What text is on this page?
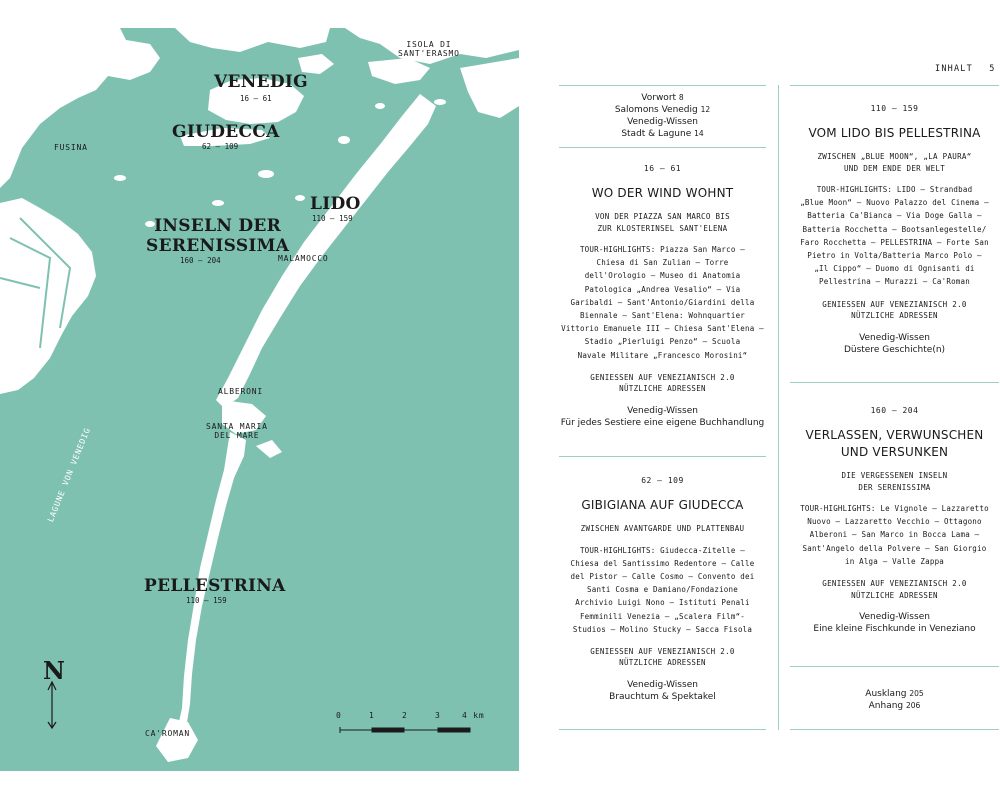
ISOLA DI
SANT'ERASMO
VENEDIG
16 – 61
GIUDECCA
62 – 109
FUSINA
LIDO
110 – 159
INSELN DER
SERENISSIMA
160 – 204	MALAMOCCO
ALBERONI
SANTA MARIA
DEL MARE
LAGUNE VON VENEDIG
PELLESTRINA
110 – 159
CA'ROMAN
N
0	1	2	3	4 km
INHALT 5
Vorwort 8
Salomons Venedig 12
Venedig-Wissen
Stadt & Lagune 14
16 – 61
WO DER WIND WOHNT
VON DER PIAZZA SAN MARCO BIS
ZUR KLOSTERINSEL SANT'ELENA
TOUR-HIGHLIGHTS: Piazza San Marco –
Chiesa di San Zulian – Torre
dell'Orologio – Museo di Anatomia
Patologica „Andrea Vesalio“ – Via
Garibaldi – Sant'Antonio/Giardini della
Biennale – Sant'Elena: Wohnquartier
Vittorio Emanuele III – Chiesa Sant'Elena –
Stadio „Pierluigi Penzo“ – Scuola
Navale Militare „Francesco Morosini“
GENIESSEN AUF VENEZIANISCH 2.0
NÜTZLICHE ADRESSEN
Venedig-Wissen
Für jedes Sestiere eine eigene Buchhandlung
62 – 109
GIBIGIANA AUF GIUDECCA
ZWISCHEN AVANTGARDE UND PLATTENBAU
TOUR-HIGHLIGHTS: Giudecca-Zitelle –
Chiesa del Santissimo Redentore – Calle
del Pistor – Calle Cosmo – Convento dei
Santi Cosma e Damiano/Fondazione
Archivio Luigi Nono – Istituti Penali
Femminili Venezia – „Scalera Film“-
Studios – Molino Stucky – Sacca Fisola
GENIESSEN AUF VENEZIANISCH 2.0
NÜTZLICHE ADRESSEN
Venedig-Wissen
Brauchtum & Spektakel
110 – 159
VOM LIDO BIS PELLESTRINA
ZWISCHEN „BLUE MOON“, „LA PAURA“
UND DEM ENDE DER WELT
TOUR-HIGHLIGHTS: LIDO – Strandbad
„Blue Moon“ – Nuovo Palazzo del Cinema –
Batteria Ca'Bianca – Via Doge Galla –
Batteria Rocchetta – Bootsanlegestelle/
Faro Rocchetta – PELLESTRINA – Forte San
Pietro in Volta/Batteria Marco Polo –
„Il Cippo“ – Duomo di Ognisanti di
Pellestrina – Murazzi – Ca'Roman
GENIESSEN AUF VENEZIANISCH 2.0
NÜTZLICHE ADRESSEN
Venedig-Wissen
Düstere Geschichte(n)
160 – 204
VERLASSEN, VERWUNSCHEN
UND VERSUNKEN
DIE VERGESSENEN INSELN
DER SERENISSIMA
TOUR-HIGHLIGHTS: Le Vignole – Lazzaretto
Nuovo – Lazzaretto Vecchio – Ottagono
Alberoni – San Marco in Bocca Lama –
Sant'Angelo della Polvere – San Giorgio
in Alga – Valle Zappa
GENIESSEN AUF VENEZIANISCH 2.0
NÜTZLICHE ADRESSEN
Venedig-Wissen
Eine kleine Fischkunde in Veneziano
Ausklang 205
Anhang 206
